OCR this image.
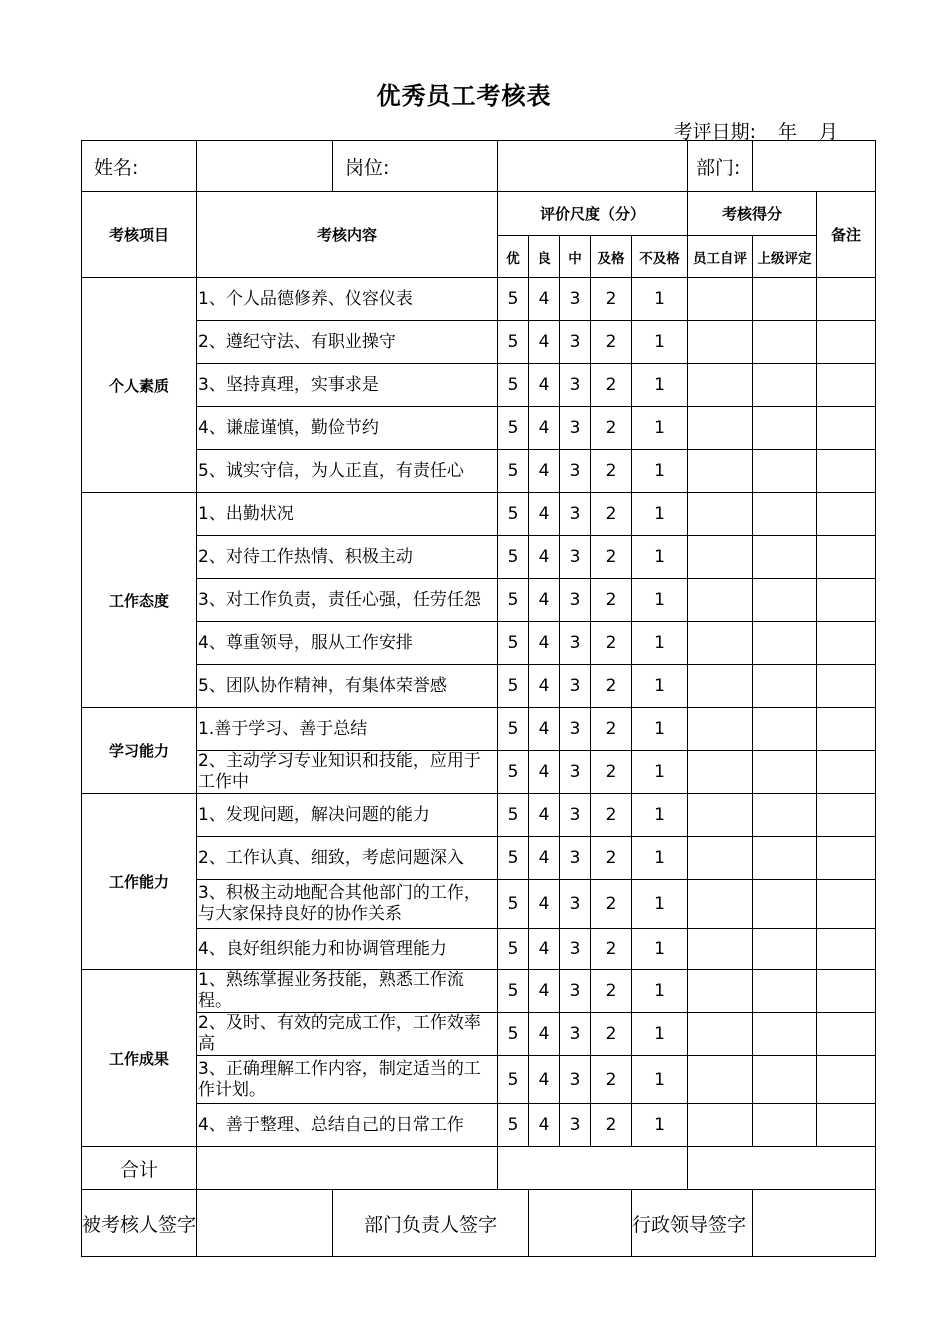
优秀员工考核表
考评日期: 年 月
姓名:		岗位:						部门:		
考核项目	考核内容		评价尺度（分）					考核得分		备注
			优	良	中	及格	不及格	员工自评	上级评定	
个人素质	1、个人品德修养、仪容仪表		5	4	3	2	1			
	2、遵纪守法、有职业操守		5	4	3	2	1			
	3、坚持真理，实事求是		5	4	3	2	1			
	4、谦虚谨慎，勤俭节约		5	4	3	2	1			
	5、诚实守信，为人正直，有责任心		5	4	3	2	1			
工作态度	1、出勤状况		5	4	3	2	1			
	2、对待工作热情、积极主动		5	4	3	2	1			
	3、对工作负责，责任心强，任劳任怨		5	4	3	2	1			
	4、尊重领导，服从工作安排		5	4	3	2	1			
	5、团队协作精神，有集体荣誉感		5	4	3	2	1			
学习能力	1.善于学习、善于总结		5	4	3	2	1			
	2、主动学习专业知识和技能，应用于工作中		5	4	3	2	1			
工作能力	1、发现问题，解决问题的能力		5	4	3	2	1			
	2、工作认真、细致，考虑问题深入		5	4	3	2	1			
	3、积极主动地配合其他部门的工作，与大家保持良好的协作关系		5	4	3	2	1			
	4、良好组织能力和协调管理能力		5	4	3	2	1			
工作成果	1、熟练掌握业务技能，熟悉工作流程。		5	4	3	2	1			
	2、及时、有效的完成工作，工作效率高		5	4	3	2	1			
	3、正确理解工作内容，制定适当的工作计划。		5	4	3	2	1			
	4、善于整理、总结自己的日常工作		5	4	3	2	1			
合计										
被考核人签字		部门负责人签字					行政领导签字			
